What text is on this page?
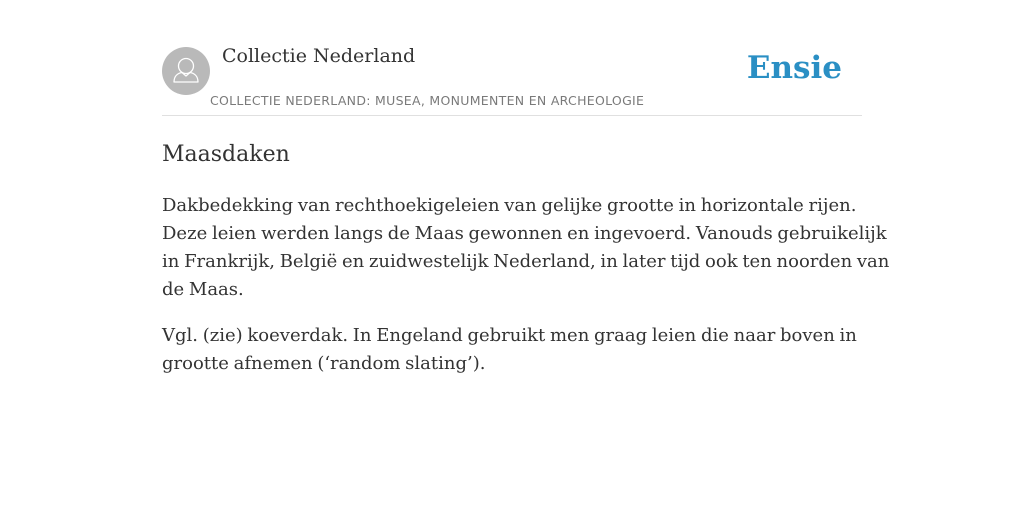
Collectie Nederland
COLLECTIE NEDERLAND: MUSEA, MONUMENTEN EN ARCHEOLOGIE
Ensie
Maasdaken

Dakbedekking van rechthoekigeleien van gelijke grootte in horizontale rijen.
Deze leien werden langs de Maas gewonnen en ingevoerd. Vanouds gebruikelijk
in Frankrijk, België en zuidwestelijk Nederland, in later tijd ook ten noorden van
de Maas.

Vgl. (zie) koeverdak. In Engeland gebruikt men graag leien die naar boven in
grootte afnemen (‘random slating’).
